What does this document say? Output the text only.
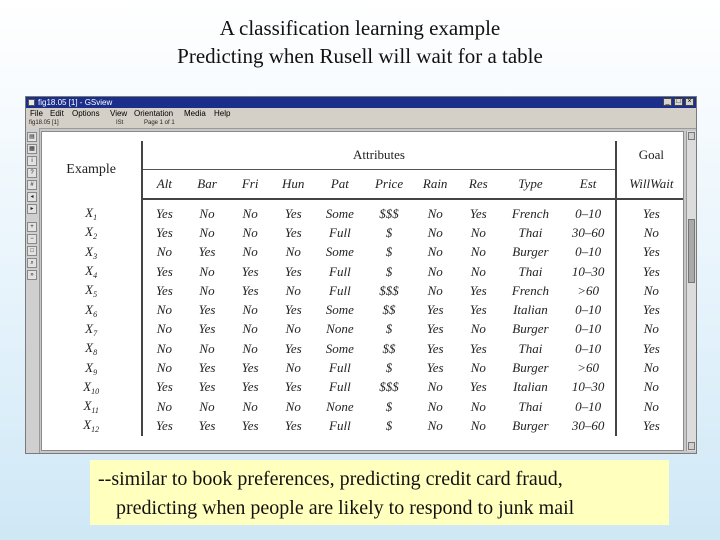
A classification learning example
Predicting when Rusell will wait for a table
fig18.05 [1] - GSview	_ □ ×
File Edit Options View Orientation Media Help
fig18.05 [1]	ISt	Page 1 of 1
▤
▦
i
?
#
◂
▸
+
−
□
⌕
»
Example	Attributes										Goal
	Alt	Bar	Fri	Hun	Pat	Price	Rain	Res	Type	Est	WillWait
$X_1$	Yes	No	No	Yes	Some	$$$	No	Yes	French	0–10	Yes
$X_2$	Yes	No	No	Yes	Full	$	No	No	Thai	30–60	No
$X_3$	No	Yes	No	No	Some	$	No	No	Burger	0–10	Yes
$X_4$	Yes	No	Yes	Yes	Full	$	No	No	Thai	10–30	Yes
$X_5$	Yes	No	Yes	No	Full	$$$	No	Yes	French	>60	No
$X_6$	No	Yes	No	Yes	Some	$$	Yes	Yes	Italian	0–10	Yes
$X_7$	No	Yes	No	No	None	$	Yes	No	Burger	0–10	No
$X_8$	No	No	No	Yes	Some	$$	Yes	Yes	Thai	0–10	Yes
$X_9$	No	Yes	Yes	No	Full	$	Yes	No	Burger	>60	No
$X_{10}$	Yes	Yes	Yes	Yes	Full	$$$	No	Yes	Italian	10–30	No
$X_{11}$	No	No	No	No	None	$	No	No	Thai	0–10	No
$X_{12}$	Yes	Yes	Yes	Yes	Full	$	No	No	Burger	30–60	Yes
--similar to book preferences, predicting credit card fraud,
predicting when people are likely to respond to junk mail
